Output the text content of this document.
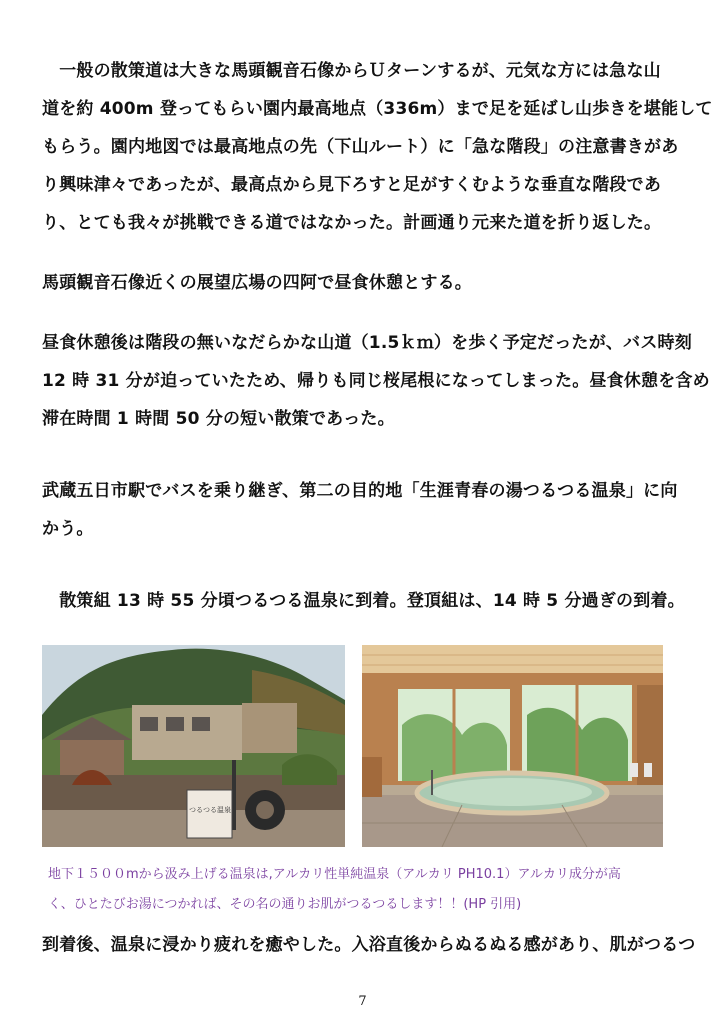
　一般の散策道は大きな馬頭観音石像からＵターンするが、元気な方には急な山
道を約 400m 登ってもらい園内最高地点（336m）まで足を延ばし山歩きを堪能して
もらう。園内地図では最高地点の先（下山ルート）に「急な階段」の注意書きがあ
り興味津々であったが、最高点から見下ろすと足がすくむような垂直な階段であ
り、とても我々が挑戦できる道ではなかった。計画通り元来た道を折り返した。
馬頭観音石像近くの展望広場の四阿で昼食休憩とする。
昼食休憩後は階段の無いなだらかな山道（1.5ｋｍ）を歩く予定だったが、バス時刻
12 時 31 分が迫っていたため、帰りも同じ桜尾根になってしまった。昼食休憩を含め
滞在時間 1 時間 50 分の短い散策であった。
武蔵五日市駅でバスを乗り継ぎ、第二の目的地「生涯青春の湯つるつる温泉」に向
かう。
　散策組 13 時 55 分頃つるつる温泉に到着。登頂組は、14 時 5 分過ぎの到着。
つるつる温泉
地下１５００mから汲み上げる温泉は,アルカリ性単純温泉（アルカリ PH10.1）アルカリ成分が高
く、ひとたびお湯につかれば、その名の通りお肌がつるつるします！！(HP 引用)
到着後、温泉に浸かり疲れを癒やした。入浴直後からぬるぬる感があり、肌がつるつ
7
